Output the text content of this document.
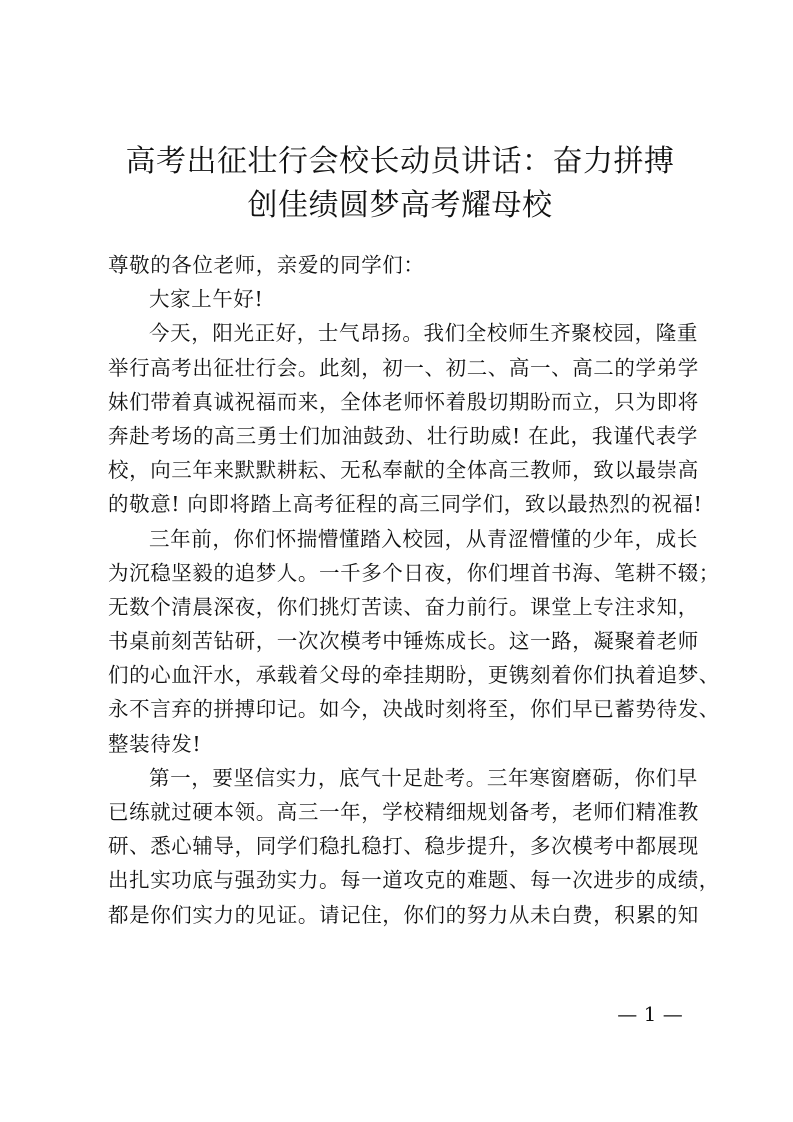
高考出征壮行会校长动员讲话：奋力拼搏
创佳绩圆梦高考耀母校
尊敬的各位老师，亲爱的同学们：
大家上午好!
今天，阳光正好，士气昂扬。我们全校师生齐聚校园，隆重
举行高考出征壮行会。此刻，初一、初二、高一、高二的学弟学
妹们带着真诚祝福而来，全体老师怀着殷切期盼而立，只为即将
奔赴考场的高三勇士们加油鼓劲、壮行助威! 在此，我谨代表学
校，向三年来默默耕耘、无私奉献的全体高三教师，致以最崇高
的敬意! 向即将踏上高考征程的高三同学们，致以最热烈的祝福!
三年前，你们怀揣懵懂踏入校园，从青涩懵懂的少年，成长
为沉稳坚毅的追梦人。一千多个日夜，你们埋首书海、笔耕不辍；
无数个清晨深夜，你们挑灯苦读、奋力前行。课堂上专注求知，
书桌前刻苦钻研，一次次模考中锤炼成长。这一路，凝聚着老师
们的心血汗水，承载着父母的牵挂期盼，更镌刻着你们执着追梦、
永不言弃的拼搏印记。如今，决战时刻将至，你们早已蓄势待发、
整装待发!
第一，要坚信实力，底气十足赴考。三年寒窗磨砺，你们早
已练就过硬本领。高三一年，学校精细规划备考，老师们精准教
研、悉心辅导，同学们稳扎稳打、稳步提升，多次模考中都展现
出扎实功底与强劲实力。每一道攻克的难题、每一次进步的成绩，
都是你们实力的见证。请记住，你们的努力从未白费，积累的知
— 1 —
